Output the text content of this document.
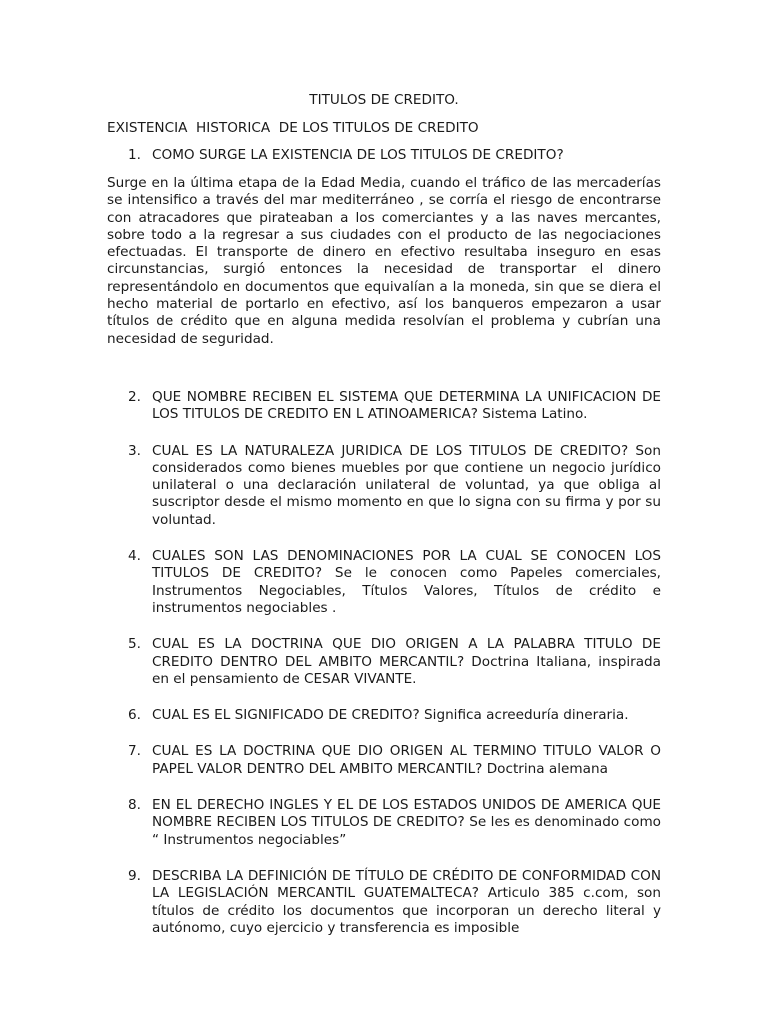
TITULOS DE CREDITO.
EXISTENCIA  HISTORICA  DE LOS TITULOS DE CREDITO
1. COMO SURGE LA EXISTENCIA DE LOS TITULOS DE CREDITO?

Surge en la última etapa de la Edad Media, cuando el tráfico de las mercaderías se intensifico a través del mar mediterráneo , se corría el riesgo de encontrarse con atracadores que pirateaban a los comerciantes y a las naves mercantes, sobre todo a la regresar a sus ciudades con el producto de las negociaciones efectuadas. El transporte de dinero en efectivo resultaba inseguro en esas circunstancias, surgió entonces la necesidad de transportar el dinero representándolo en documentos que equivalían a la moneda, sin que se diera el hecho material de portarlo en efectivo, así los banqueros empezaron a usar títulos de crédito que en alguna medida resolvían el problema y cubrían una necesidad de seguridad.

2. QUE NOMBRE RECIBEN EL SISTEMA QUE DETERMINA LA UNIFICACION DE LOS TITULOS DE CREDITO EN L ATINOAMERICA? Sistema Latino.
3. CUAL ES LA NATURALEZA JURIDICA DE LOS TITULOS DE CREDITO? Son considerados como bienes muebles por que contiene un negocio jurídico unilateral o una declaración unilateral de voluntad, ya que obliga al suscriptor desde el mismo momento en que lo signa con su firma y por su voluntad.
4. CUALES SON LAS DENOMINACIONES POR LA CUAL SE CONOCEN LOS TITULOS DE CREDITO? Se le conocen como Papeles comerciales, Instrumentos Negociables, Títulos Valores, Títulos de crédito e instrumentos negociables .
5. CUAL ES LA DOCTRINA QUE DIO ORIGEN A LA PALABRA TITULO DE CREDITO DENTRO DEL AMBITO MERCANTIL? Doctrina Italiana, inspirada en el pensamiento de CESAR VIVANTE.
6. CUAL ES EL SIGNIFICADO DE CREDITO? Significa acreeduría dineraria.
7. CUAL ES LA DOCTRINA QUE DIO ORIGEN AL TERMINO TITULO VALOR O PAPEL VALOR DENTRO DEL AMBITO MERCANTIL? Doctrina alemana
8. EN EL DERECHO INGLES Y EL DE LOS ESTADOS UNIDOS DE AMERICA QUE NOMBRE RECIBEN LOS TITULOS DE CREDITO? Se les es denominado como “ Instrumentos negociables”
9. DESCRIBA LA DEFINICIÓN DE TÍTULO DE CRÉDITO DE CONFORMIDAD CON LA LEGISLACIÓN MERCANTIL GUATEMALTECA? Articulo 385 c.com, son títulos de crédito los documentos que incorporan un derecho literal y autónomo, cuyo ejercicio y transferencia es imposible
